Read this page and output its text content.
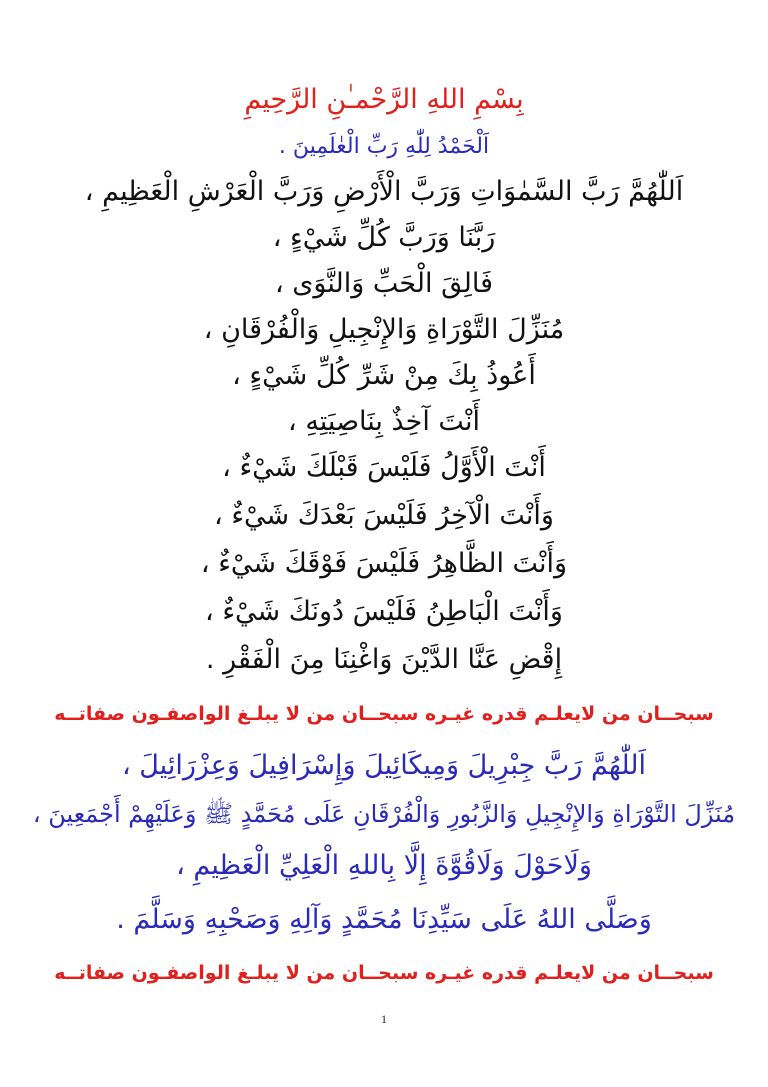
بِسْمِ اللهِ الرَّحْمـٰنِ الرَّحِيمِ
اَلْحَمْدُ لِلّٰهِ رَبِّ الْعٰلَمِينَ .
اَللّٰهُمَّ رَبَّ السَّمٰوَاتِ وَرَبَّ الْأَرْضِ وَرَبَّ الْعَرْشِ الْعَظِيمِ ،
رَبَّنَا وَرَبَّ كُلِّ شَيْءٍ ،
فَالِقَ الْحَبِّ وَالنَّوَى ،
مُنَزِّلَ التَّوْرَاةِ وَالإِنْجِيلِ وَالْفُرْقَانِ ،
أَعُوذُ بِكَ مِنْ شَرِّ كُلِّ شَيْءٍ ،
أَنْتَ آخِذٌ بِنَاصِيَتِهِ ،
أَنْتَ الْأَوَّلُ فَلَيْسَ قَبْلَكَ شَيْءٌ ،
وَأَنْتَ الْآخِرُ فَلَيْسَ بَعْدَكَ شَيْءٌ ،
وَأَنْتَ الظَّاهِرُ فَلَيْسَ فَوْقَكَ شَيْءٌ ،
وَأَنْتَ الْبَاطِنُ فَلَيْسَ دُونَكَ شَيْءٌ ،
إِقْضِ عَنَّا الدَّيْنَ وَاغْنِنَا مِنَ الْفَقْرِ .
سبحــان من لايعلـم قدره غيـره سبحــان من لا يبلـغ الواصفـون صفاتــه
اَللّٰهُمَّ رَبَّ جِبْرِيلَ وَمِيكَائِيلَ وَإِسْرَافِيلَ وَعِزْرَائِيلَ ،
مُنَزِّلَ التَّوْرَاةِ وَالإِنْجِيلِ وَالزَّبُورِ وَالْفُرْقَانِ عَلَى مُحَمَّدٍ ﷺ وَعَلَيْهِمْ أَجْمَعِينَ ،
وَلَاحَوْلَ وَلَاقُوَّةَ إِلَّا بِاللهِ الْعَلِيِّ الْعَظِيمِ ،
وَصَلَّى اللهُ عَلَى سَيِّدِنَا مُحَمَّدٍ وَآلِهِ وَصَحْبِهِ وَسَلَّمَ .
سبحــان من لايعلـم قدره غيـره سبحــان من لا يبلـغ الواصفـون صفاتــه
1
